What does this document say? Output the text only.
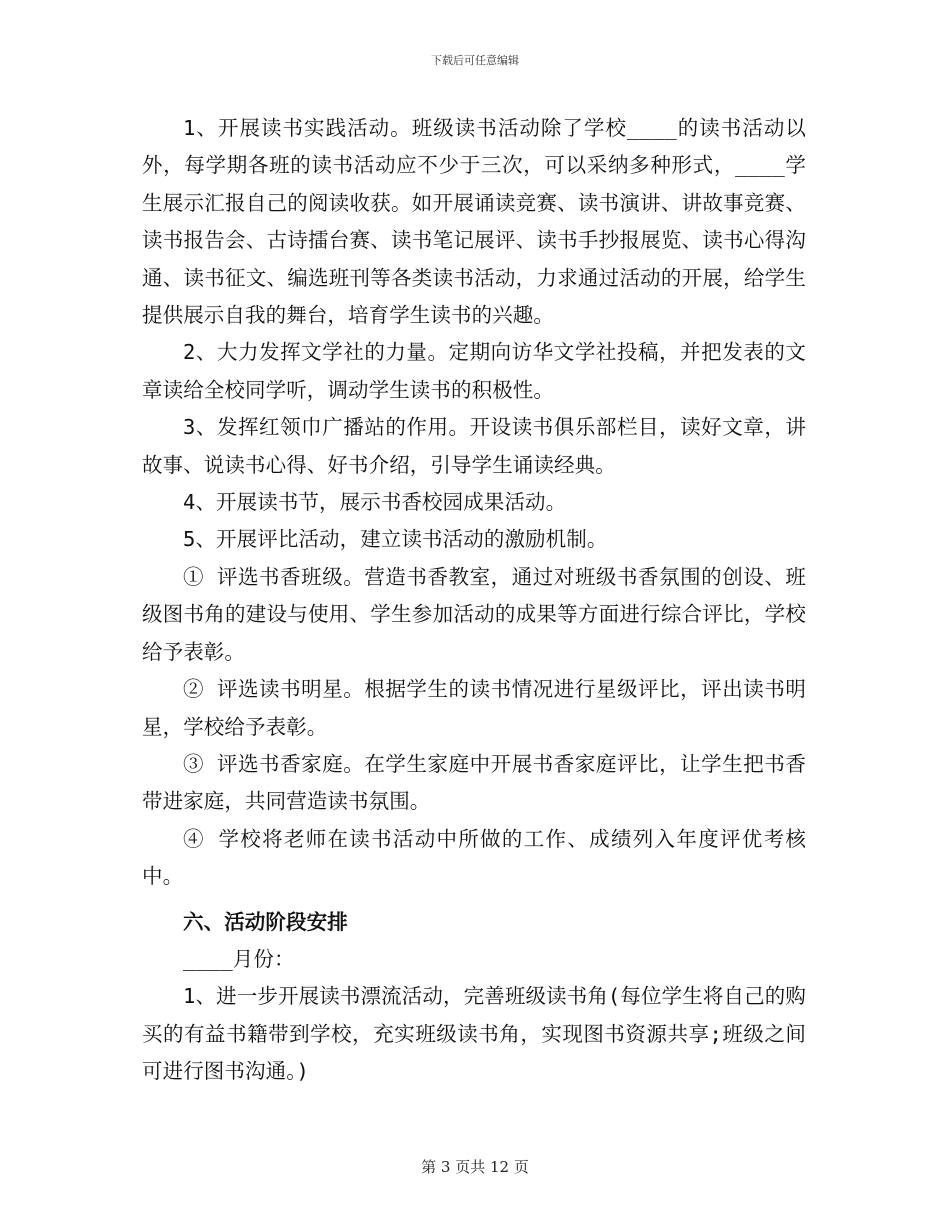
下载后可任意编辑

1、开展读书实践活动。班级读书活动除了学校____的读书活动以外，每学期各班的读书活动应不少于三次，可以采纳多种形式，____学生展示汇报自己的阅读收获。如开展诵读竞赛、读书演讲、讲故事竞赛、读书报告会、古诗擂台赛、读书笔记展评、读书手抄报展览、读书心得沟通、读书征文、编选班刊等各类读书活动，力求通过活动的开展，给学生提供展示自我的舞台，培育学生读书的兴趣。

2、大力发挥文学社的力量。定期向访华文学社投稿，并把发表的文章读给全校同学听，调动学生读书的积极性。

3、发挥红领巾广播站的作用。开设读书俱乐部栏目，读好文章，讲故事、说读书心得、好书介绍，引导学生诵读经典。

4、开展读书节，展示书香校园成果活动。

5、开展评比活动，建立读书活动的激励机制。

① 评选书香班级。营造书香教室，通过对班级书香氛围的创设、班级图书角的建设与使用、学生参加活动的成果等方面进行综合评比，学校给予表彰。

② 评选读书明星。根据学生的读书情况进行星级评比，评出读书明星，学校给予表彰。

③ 评选书香家庭。在学生家庭中开展书香家庭评比，让学生把书香带进家庭，共同营造读书氛围。

④ 学校将老师在读书活动中所做的工作、成绩列入年度评优考核中。

六、活动阶段安排

____月份：

1、进一步开展读书漂流活动，完善班级读书角(每位学生将自己的购买的有益书籍带到学校，充实班级读书角，实现图书资源共享;班级之间可进行图书沟通。)

第 3 页共 12 页
